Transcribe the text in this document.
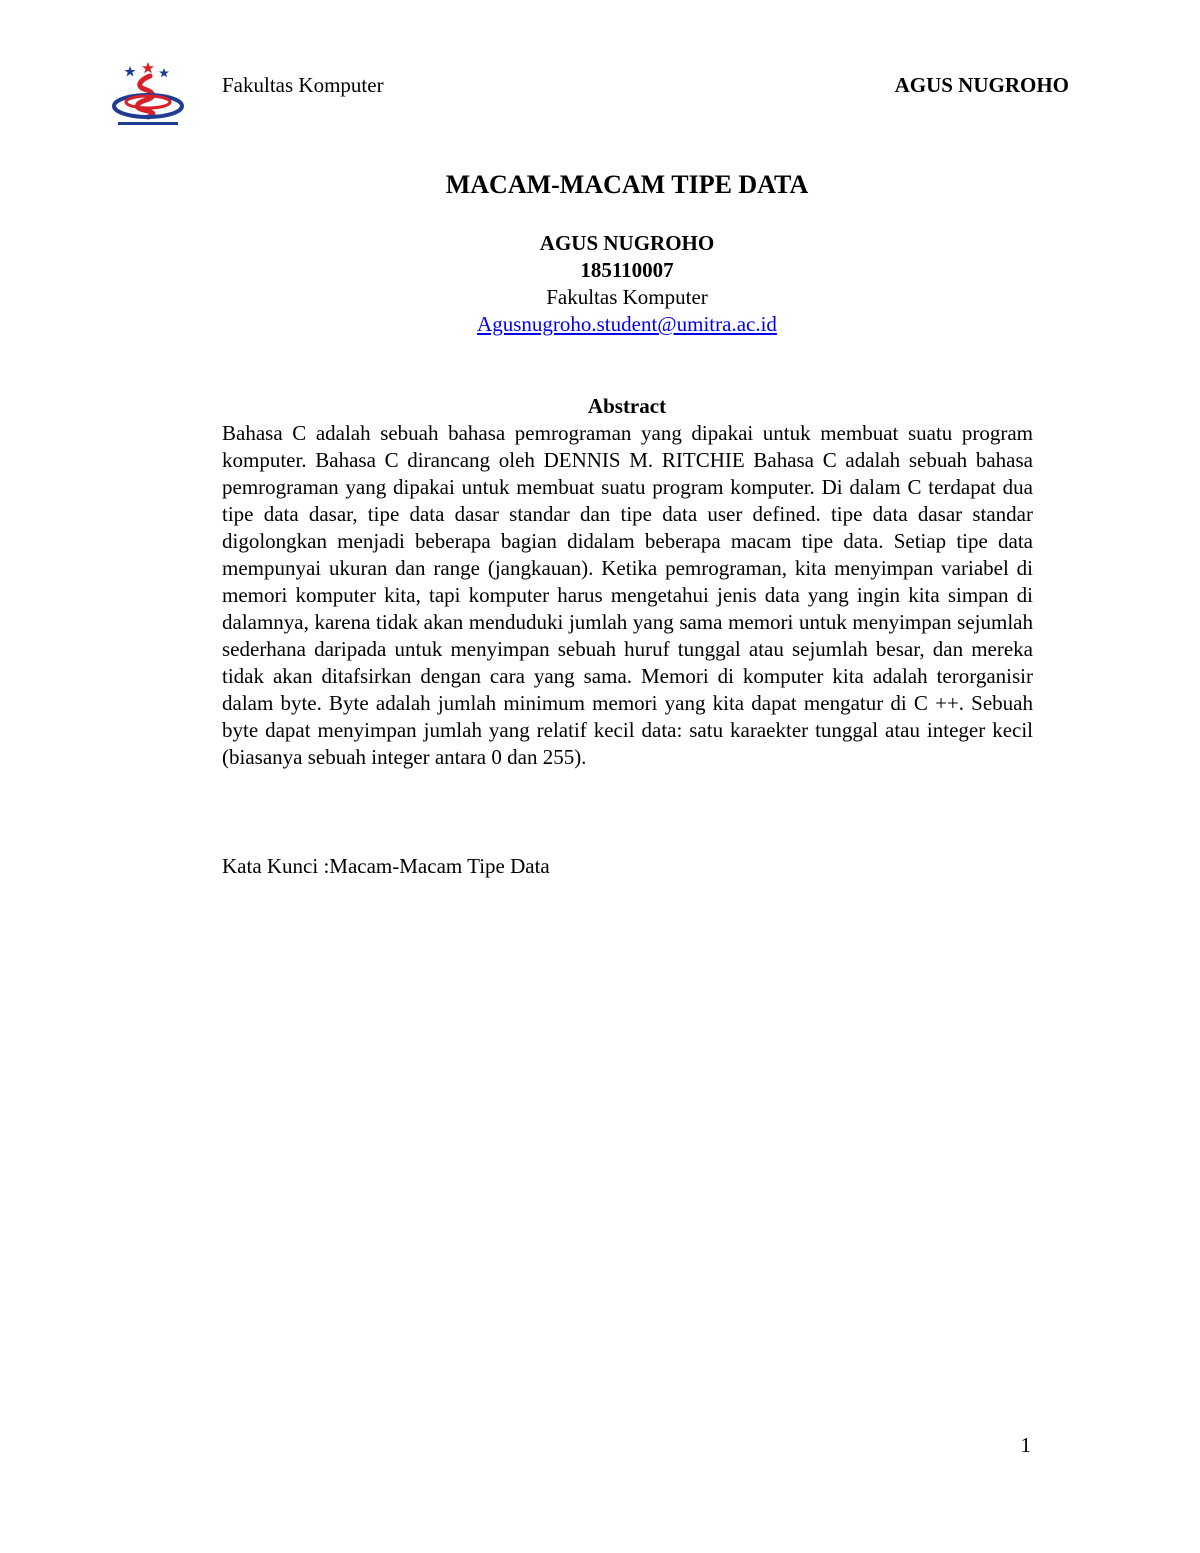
Fakultas Komputer	AGUS NUGROHO
MACAM-MACAM TIPE DATA
AGUS NUGROHO
185110007
Fakultas Komputer
Agusnugroho.student@umitra.ac.id
Abstract
Bahasa C adalah sebuah bahasa pemrograman yang dipakai untuk membuat suatu program komputer. Bahasa C dirancang oleh DENNIS M. RITCHIE Bahasa C adalah sebuah bahasa pemrograman yang dipakai untuk membuat suatu program komputer. Di dalam C terdapat dua tipe data dasar, tipe data dasar standar dan tipe data user defined. tipe data dasar standar digolongkan menjadi beberapa bagian didalam beberapa macam tipe data. Setiap tipe data mempunyai ukuran dan range (jangkauan). Ketika pemrograman, kita menyimpan variabel di memori komputer kita, tapi komputer harus mengetahui jenis data yang ingin kita simpan di dalamnya, karena tidak akan menduduki jumlah yang sama memori untuk menyimpan sejumlah sederhana daripada untuk menyimpan sebuah huruf tunggal atau sejumlah besar, dan mereka tidak akan ditafsirkan dengan cara yang sama. Memori di komputer kita adalah terorganisir dalam byte. Byte adalah jumlah minimum memori yang kita dapat mengatur di C ++. Sebuah byte dapat menyimpan jumlah yang relatif kecil data: satu karaekter tunggal atau integer kecil (biasanya sebuah integer antara 0 dan 255).
Kata Kunci :Macam-Macam Tipe Data
1
